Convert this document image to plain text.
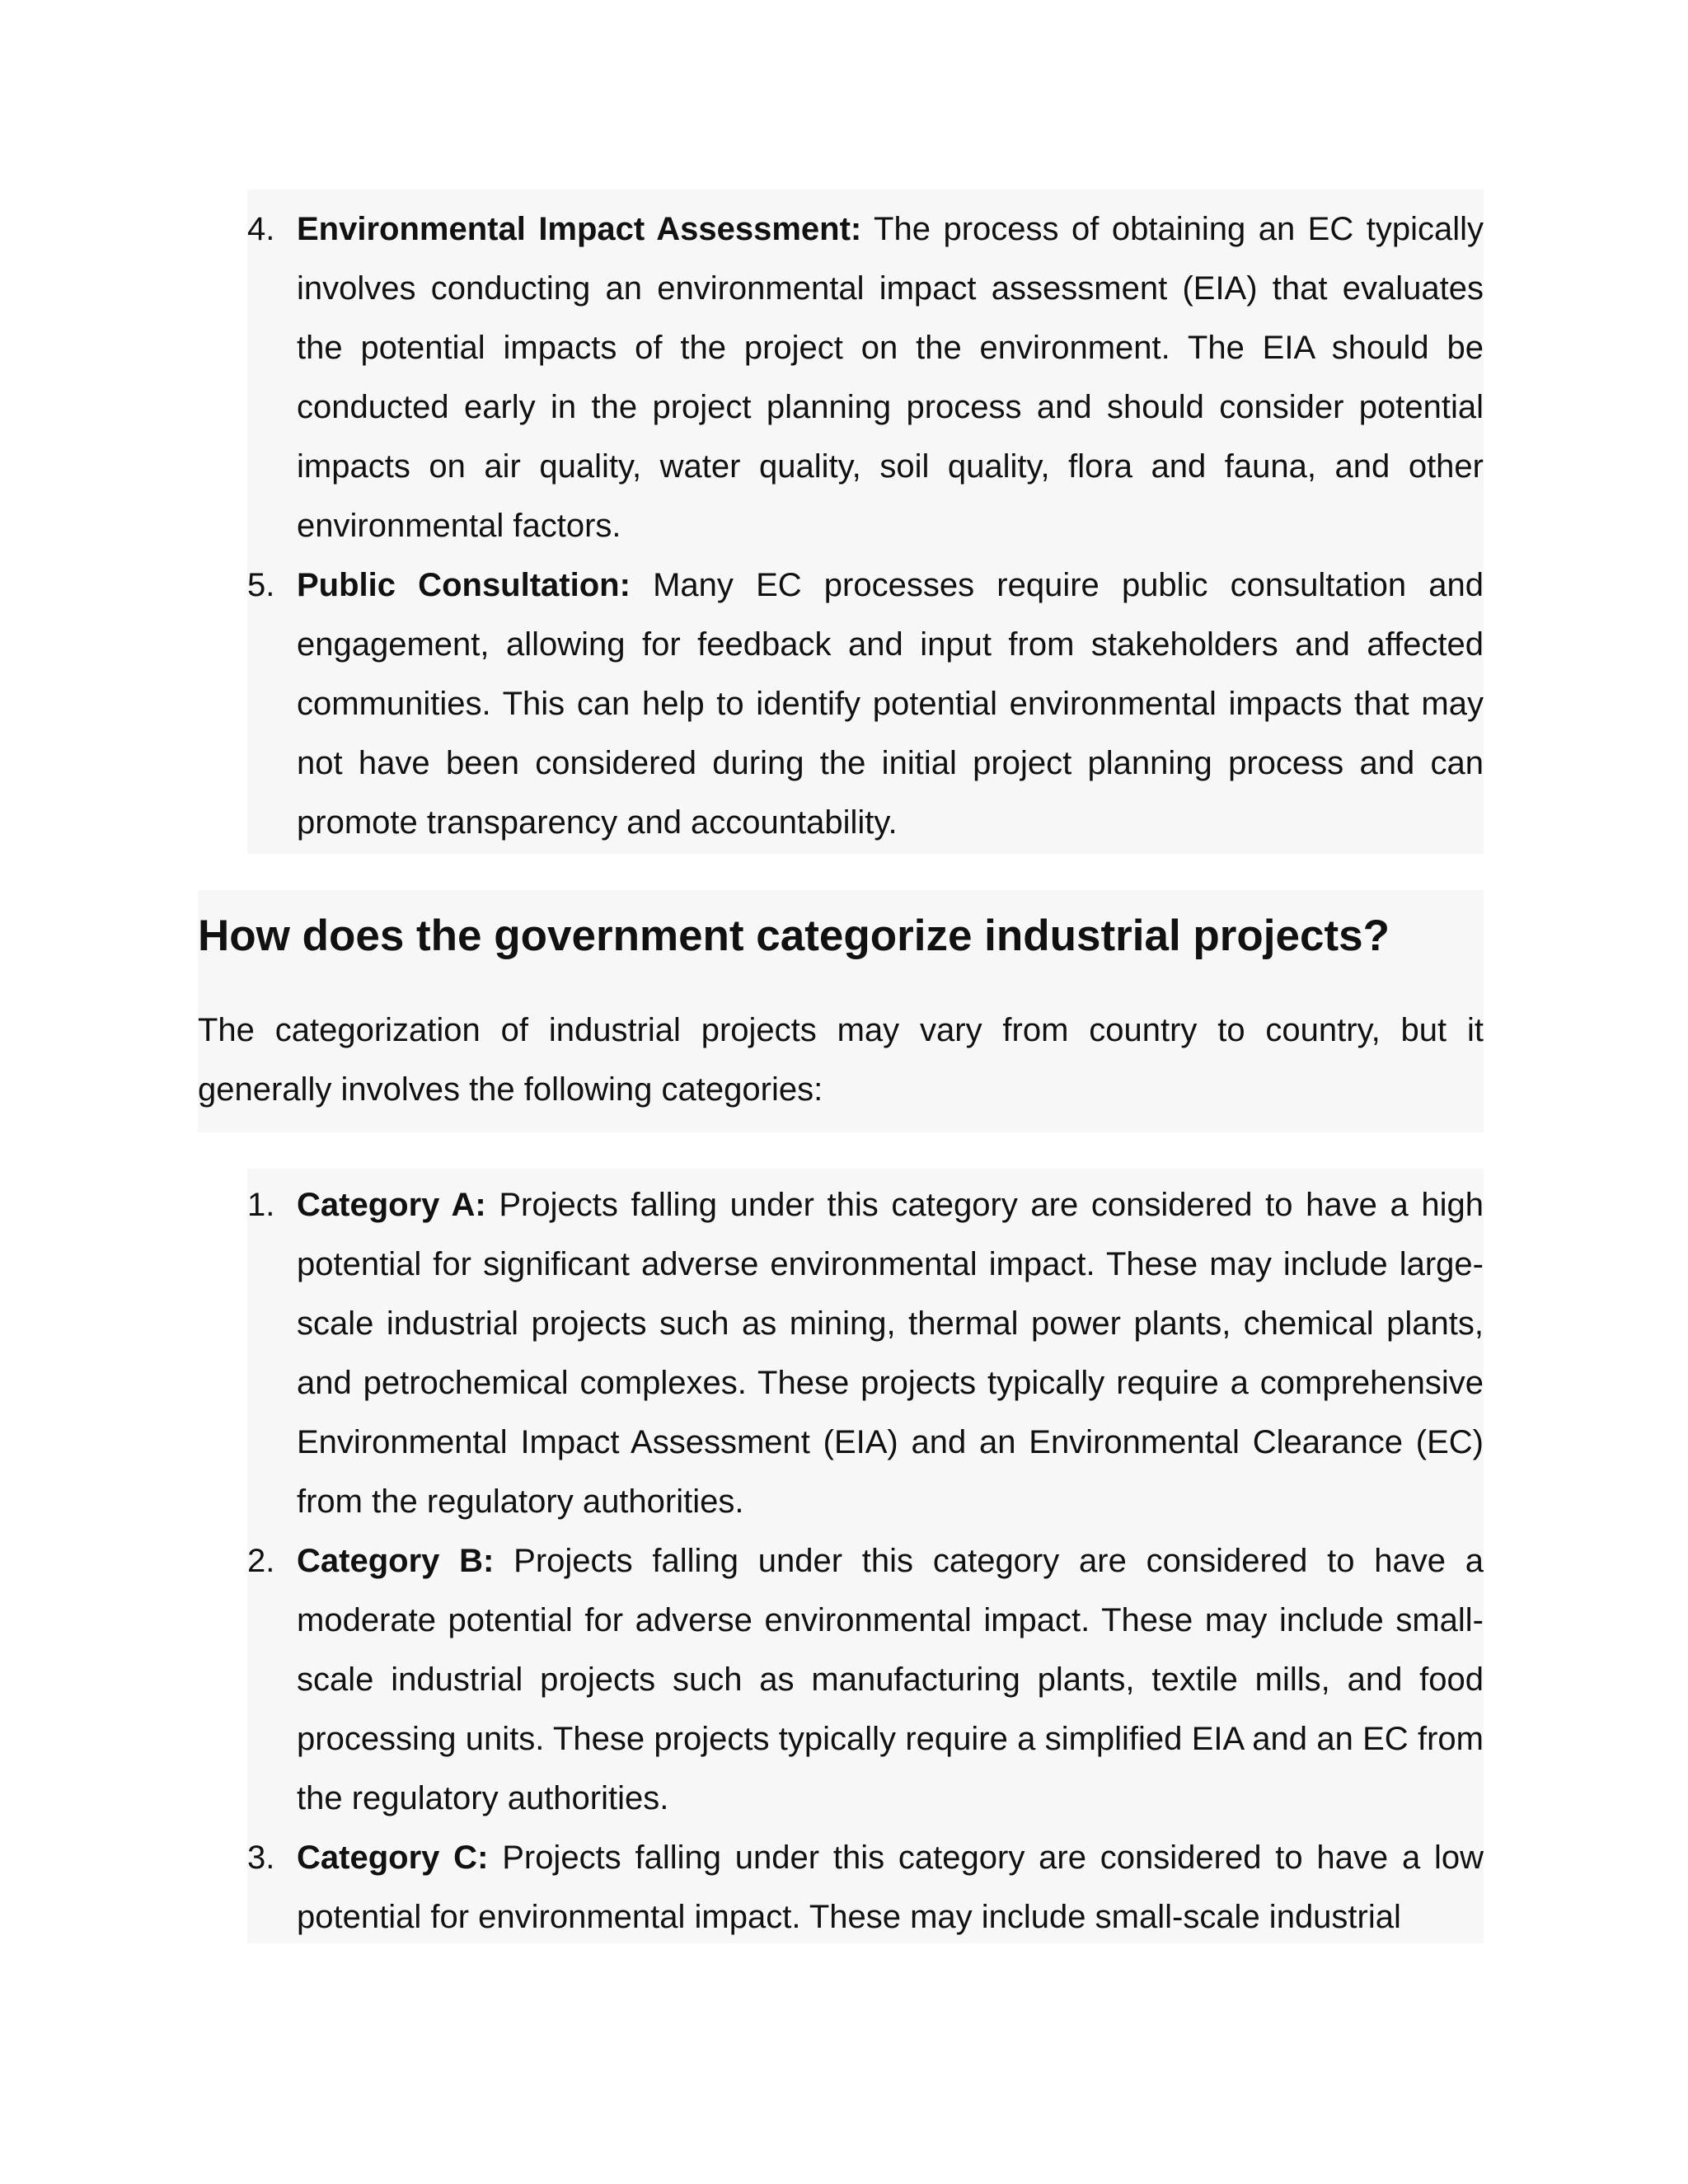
4. Environmental Impact Assessment: The process of obtaining an EC typically involves conducting an environmental impact assessment (EIA) that evaluates the potential impacts of the project on the environment. The EIA should be conducted early in the project planning process and should consider potential impacts on air quality, water quality, soil quality, flora and fauna, and other environmental factors.
5. Public Consultation: Many EC processes require public consultation and engagement, allowing for feedback and input from stakeholders and affected communities. This can help to identify potential environmental impacts that may not have been considered during the initial project planning process and can promote transparency and accountability.
How does the government categorize industrial projects?

The categorization of industrial projects may vary from country to country, but it generally involves the following categories:

1. Category A: Projects falling under this category are considered to have a high potential for significant adverse environmental impact. These may include large-scale industrial projects such as mining, thermal power plants, chemical plants, and petrochemical complexes. These projects typically require a comprehensive Environmental Impact Assessment (EIA) and an Environmental Clearance (EC) from the regulatory authorities.
2. Category B: Projects falling under this category are considered to have a moderate potential for adverse environmental impact. These may include small-scale industrial projects such as manufacturing plants, textile mills, and food processing units. These projects typically require a simplified EIA and an EC from the regulatory authorities.
3. Category C: Projects falling under this category are considered to have a low potential for environmental impact. These may include small-scale industrial
